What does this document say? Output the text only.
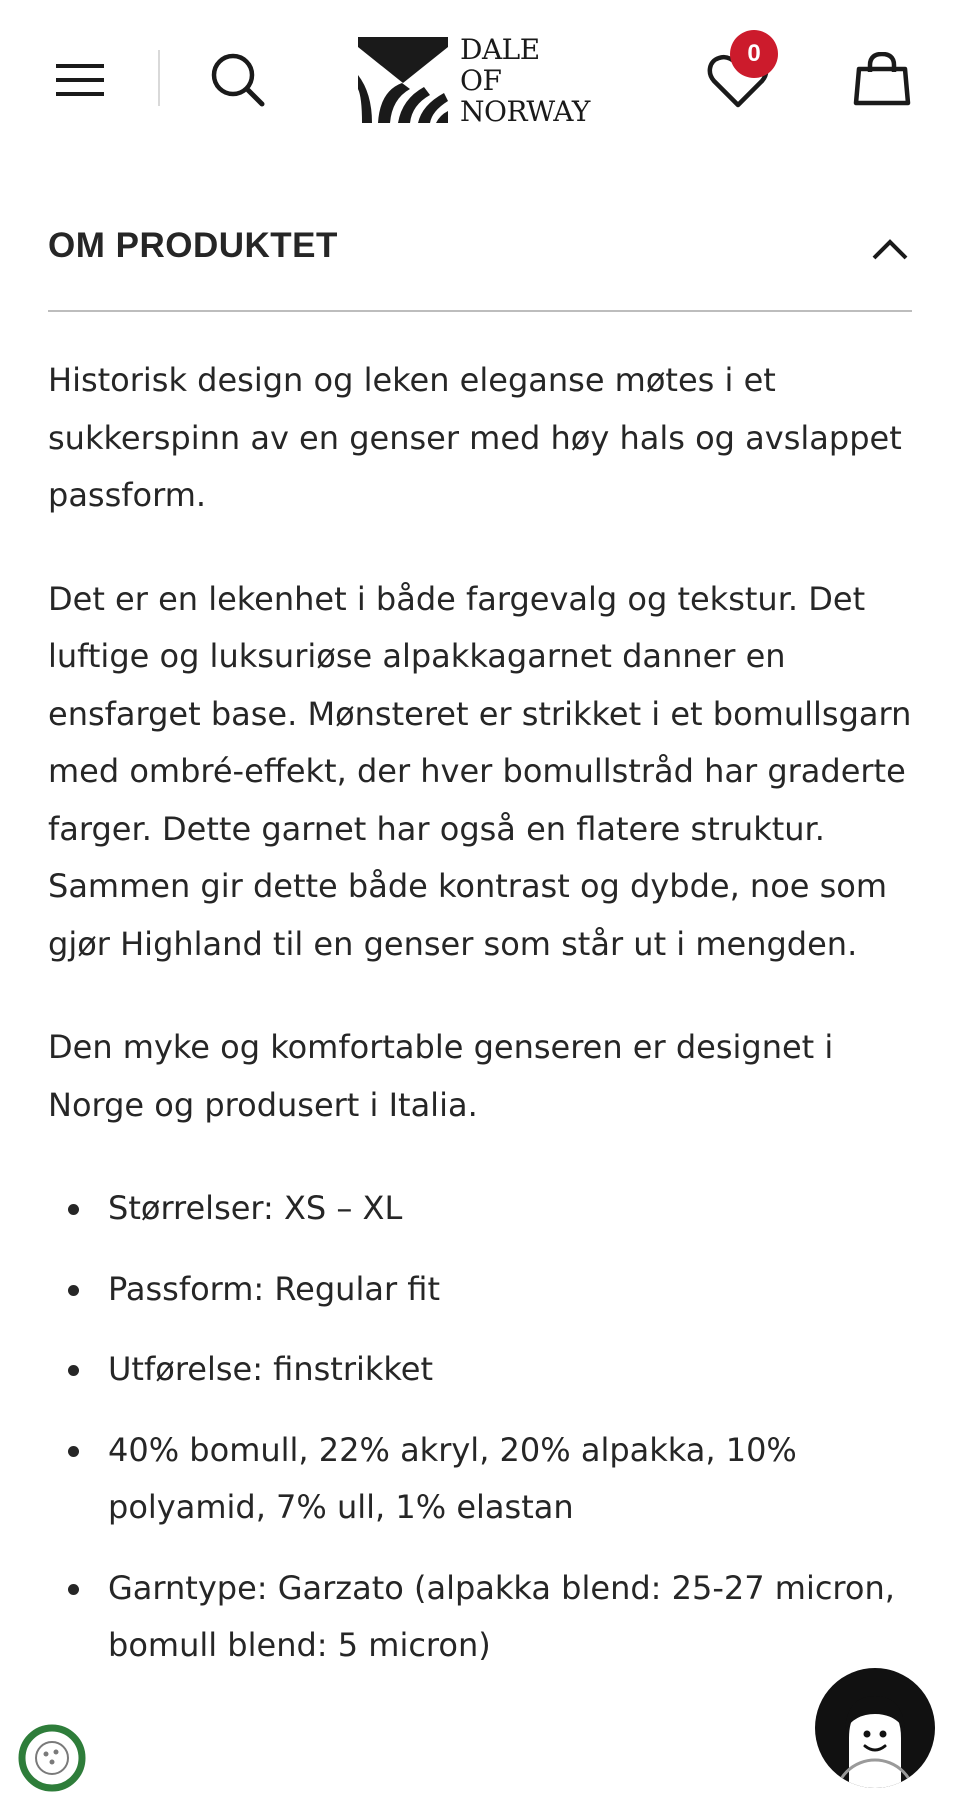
DALE
OF
NORWAY
0
OM PRODUKTET

Historisk design og leken eleganse møtes i et sukkerspinn av en genser med høy hals og avslappet passform.

Det er en lekenhet i både fargevalg og tekstur. Det luftige og luksuriøse alpakkagarnet danner en ensfarget base. Mønsteret er strikket i et bomullsgarn med ombré-effekt, der hver bomullstråd har graderte farger. Dette garnet har også en flatere struktur. Sammen gir dette både kontrast og dybde, noe som gjør Highland til en genser som står ut i mengden.

Den myke og komfortable genseren er designet i Norge og produsert i Italia.

Størrelser: XS – XL
Passform: Regular fit
Utførelse: finstrikket
40% bomull, 22% akryl, 20% alpakka, 10% polyamid, 7% ull, 1% elastan
Garntype: Garzato (alpakka blend: 25-27 micron, bomull blend: 5 micron)
